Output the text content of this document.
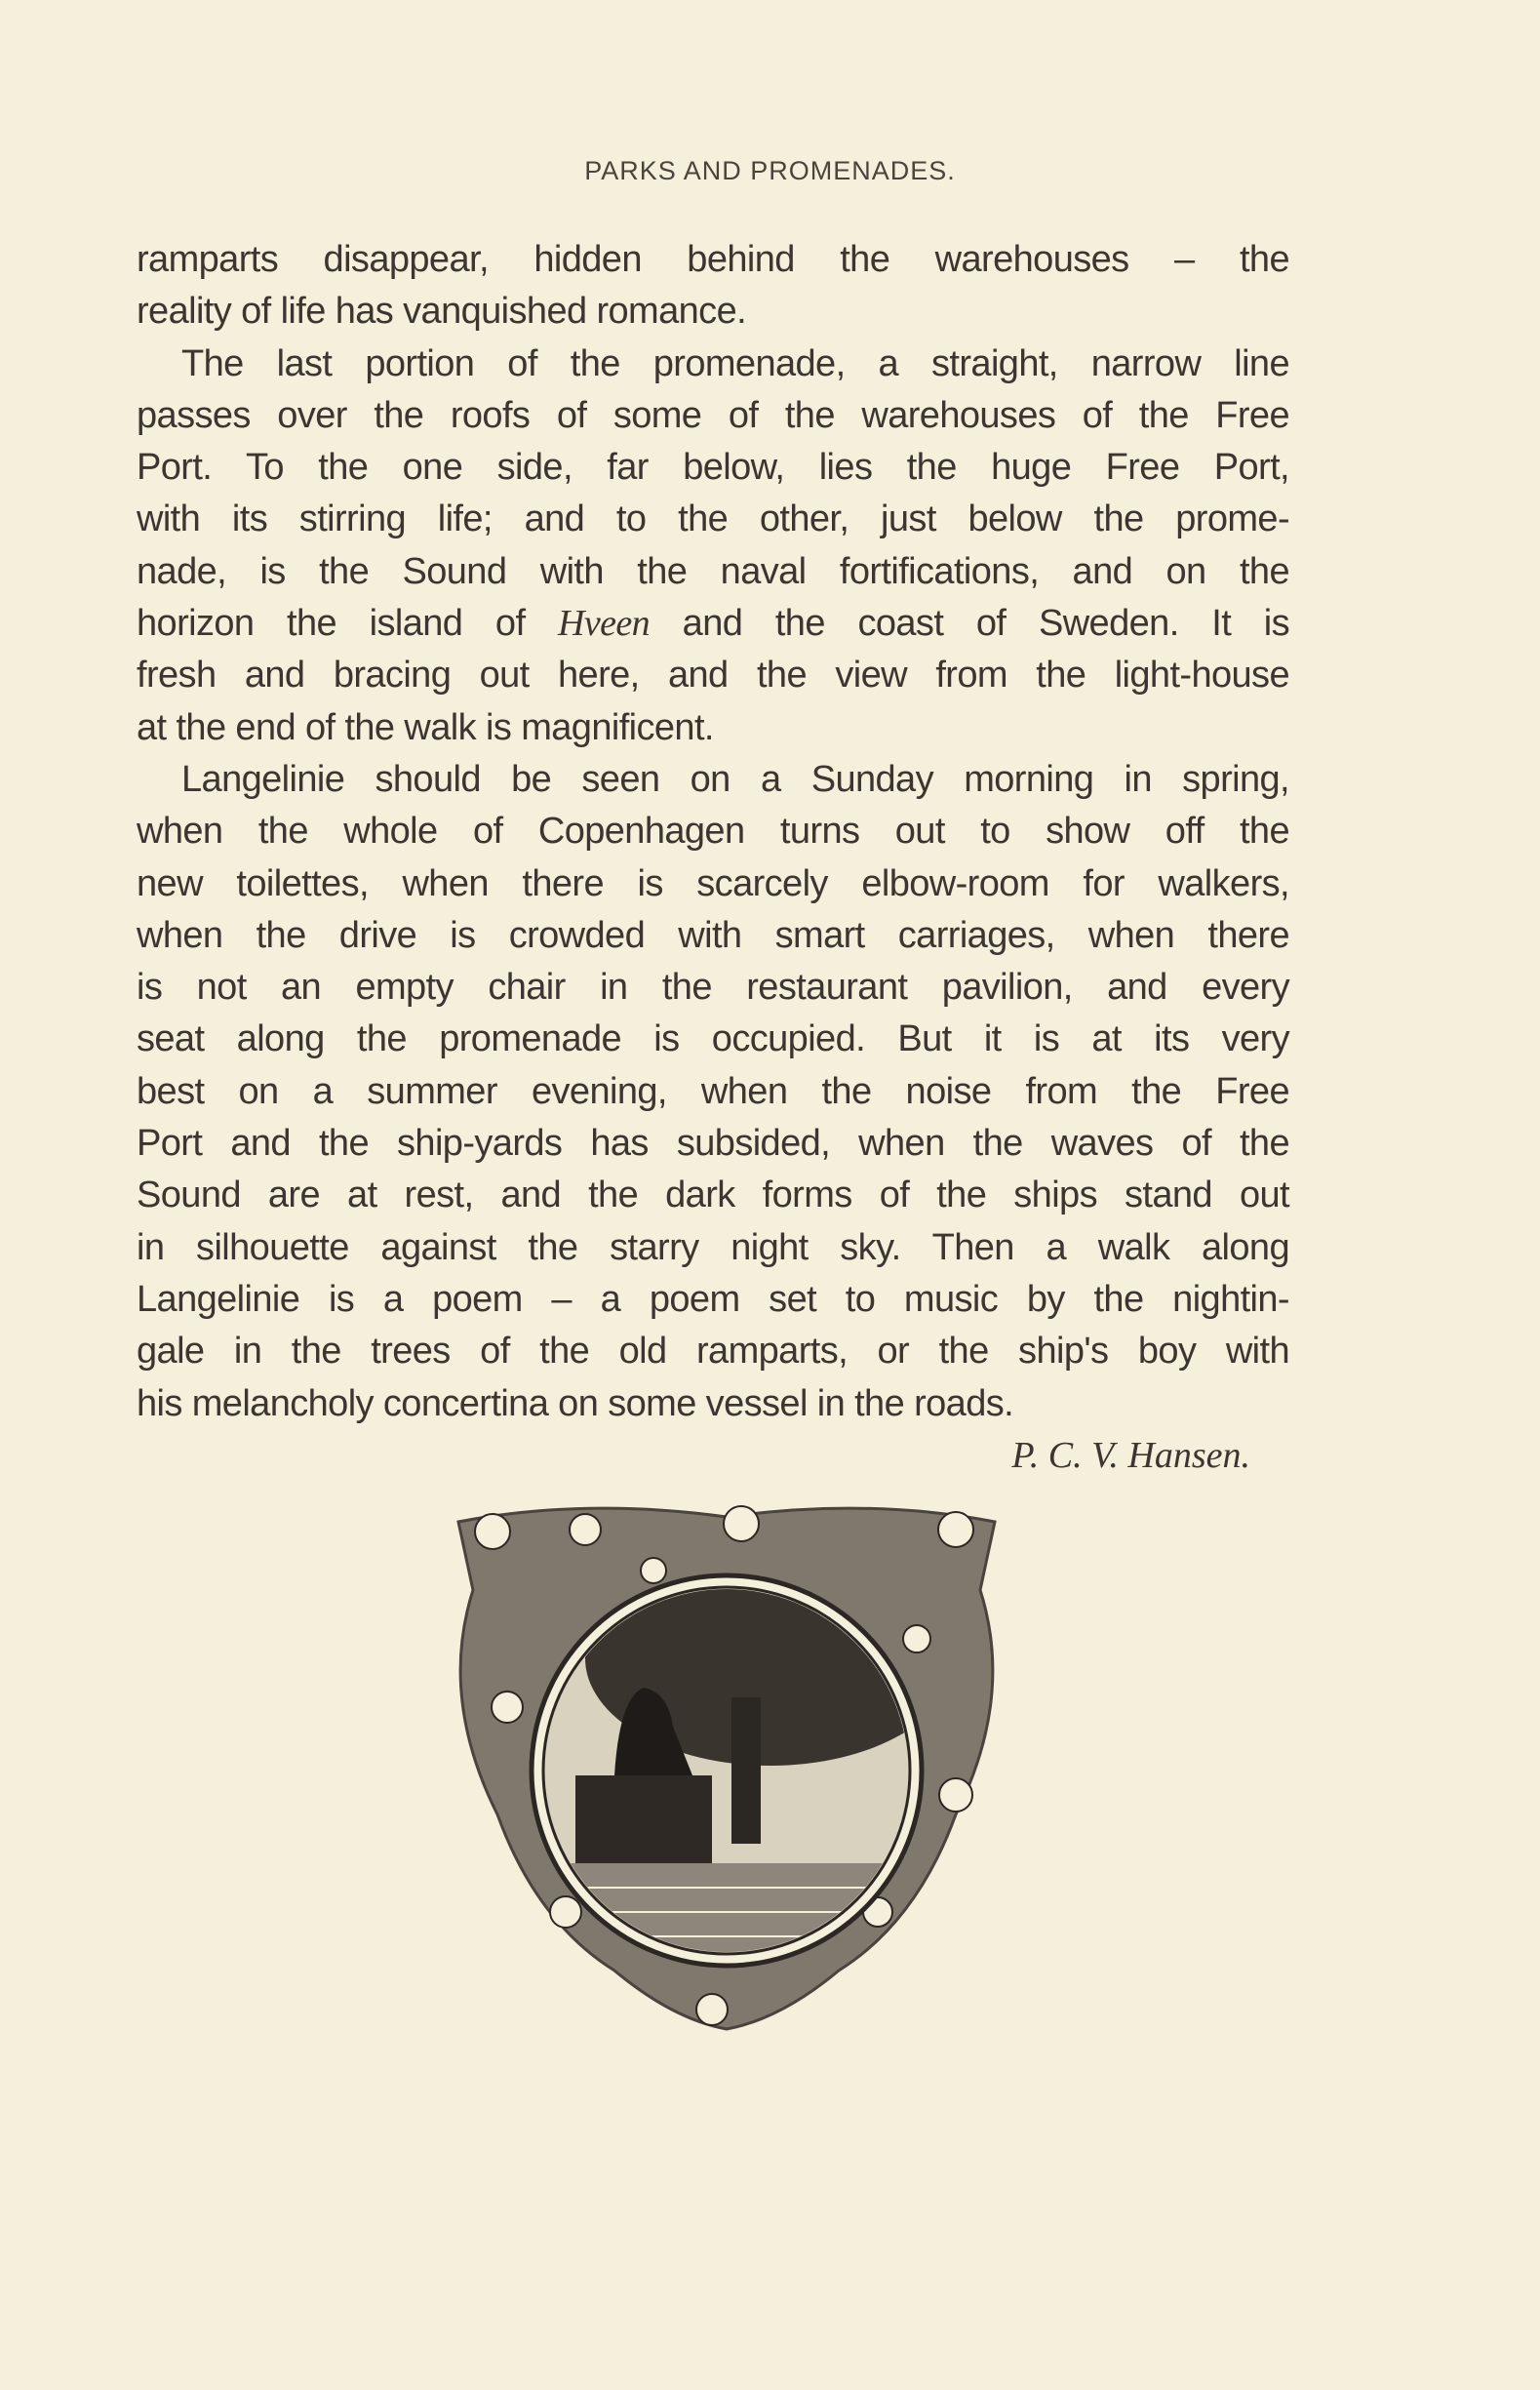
PARKS AND PROMENADES.
ramparts disappear, hidden behind the warehouses – the
reality of life has vanquished romance.
The last portion of the promenade, a straight, narrow line
passes over the roofs of some of the warehouses of the Free
Port. To the one side, far below, lies the huge Free Port,
with its stirring life; and to the other, just below the prome-
nade, is the Sound with the naval fortifications, and on the
horizon the island of Hveen and the coast of Sweden. It is
fresh and bracing out here, and the view from the light-house
at the end of the walk is magnificent.
Langelinie should be seen on a Sunday morning in spring,
when the whole of Copenhagen turns out to show off the
new toilettes, when there is scarcely elbow-room for walkers,
when the drive is crowded with smart carriages, when there
is not an empty chair in the restaurant pavilion, and every
seat along the promenade is occupied. But it is at its very
best on a summer evening, when the noise from the Free
Port and the ship-yards has subsided, when the waves of the
Sound are at rest, and the dark forms of the ships stand out
in silhouette against the starry night sky. Then a walk along
Langelinie is a poem – a poem set to music by the nightin-
gale in the trees of the old ramparts, or the ship's boy with
his melancholy concertina on some vessel in the roads.
P. C. V. Hansen.
